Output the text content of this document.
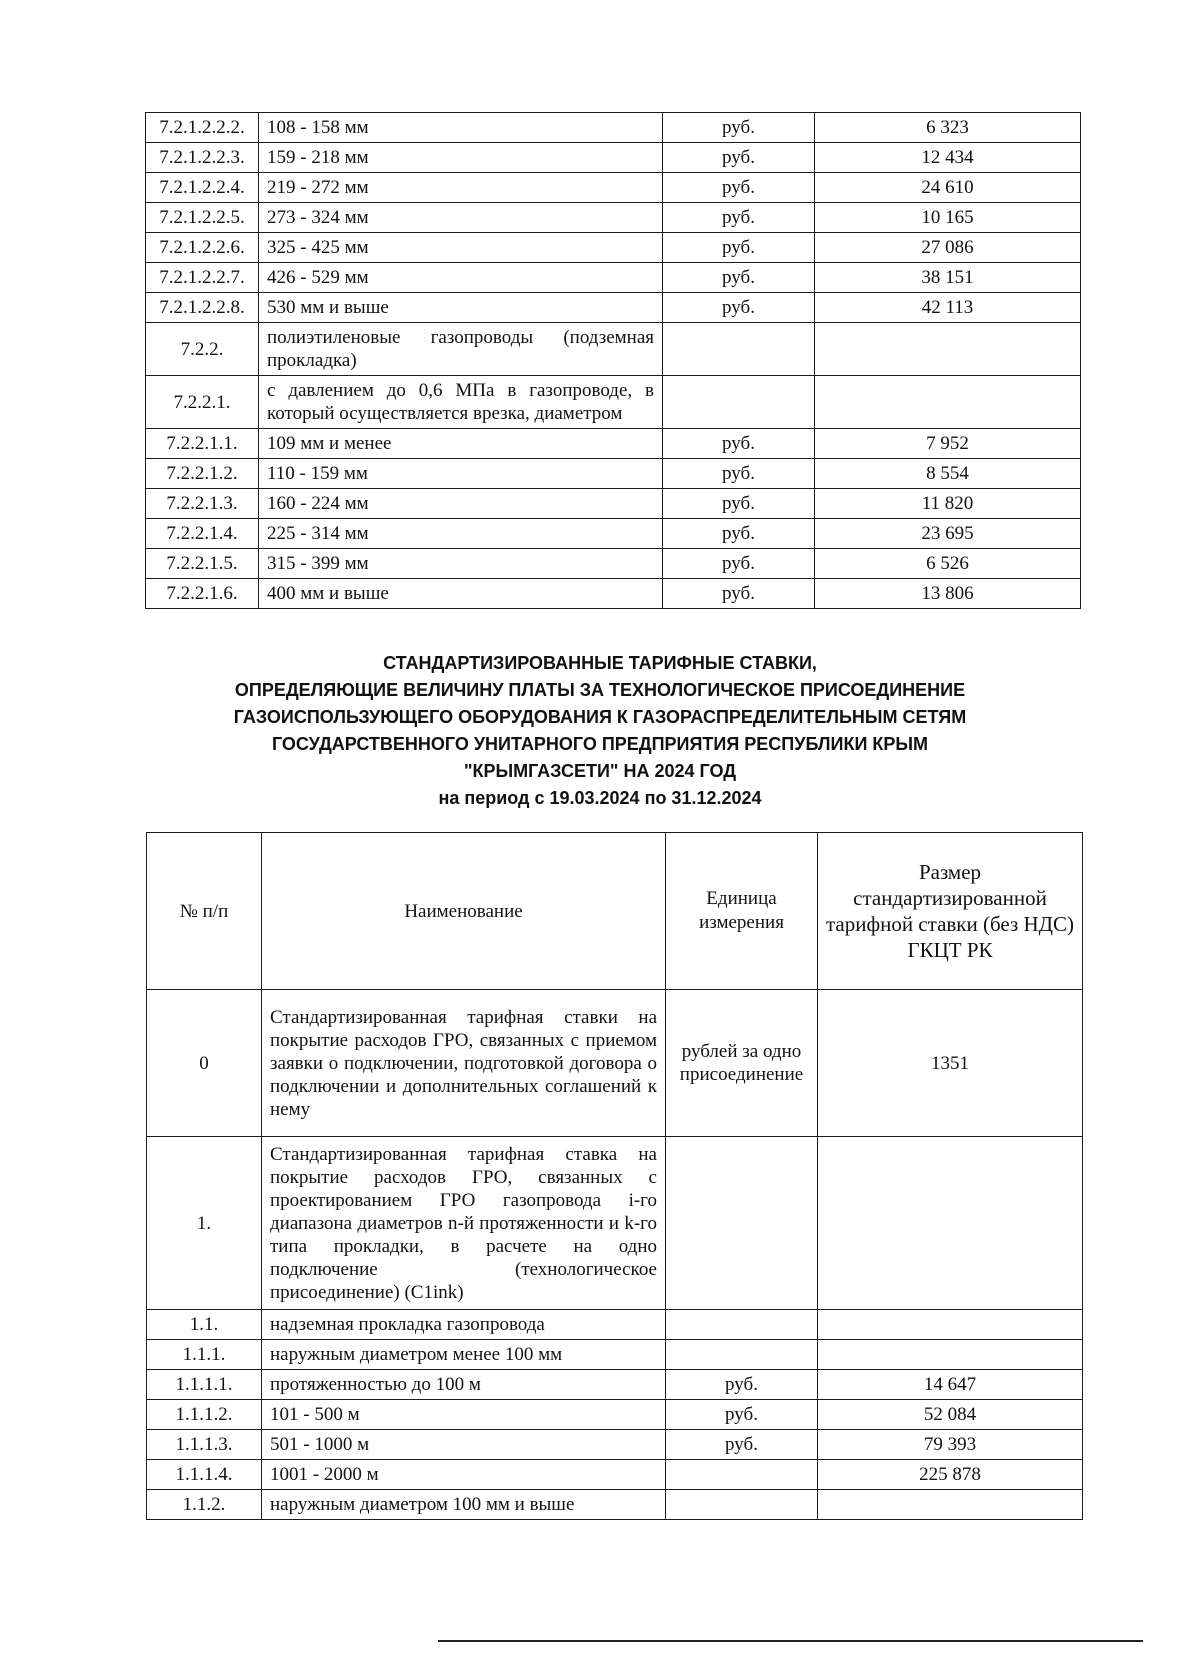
7.2.1.2.2.2.	108 - 158 мм	руб.	6 323
7.2.1.2.2.3.	159 - 218 мм	руб.	12 434
7.2.1.2.2.4.	219 - 272 мм	руб.	24 610
7.2.1.2.2.5.	273 - 324 мм	руб.	10 165
7.2.1.2.2.6.	325 - 425 мм	руб.	27 086
7.2.1.2.2.7.	426 - 529 мм	руб.	38 151
7.2.1.2.2.8.	530 мм и выше	руб.	42 113
7.2.2.	полиэтиленовые газопроводы (подземная прокладка)		
7.2.2.1.	с давлением до 0,6 МПа в газопроводе, в который осуществляется врезка, диаметром		
7.2.2.1.1.	109 мм и менее	руб.	7 952
7.2.2.1.2.	110 - 159 мм	руб.	8 554
7.2.2.1.3.	160 - 224 мм	руб.	11 820
7.2.2.1.4.	225 - 314 мм	руб.	23 695
7.2.2.1.5.	315 - 399 мм	руб.	6 526
7.2.2.1.6.	400 мм и выше	руб.	13 806
СТАНДАРТИЗИРОВАННЫЕ ТАРИФНЫЕ СТАВКИ,
ОПРЕДЕЛЯЮЩИЕ ВЕЛИЧИНУ ПЛАТЫ ЗА ТЕХНОЛОГИЧЕСКОЕ ПРИСОЕДИНЕНИЕ
ГАЗОИСПОЛЬЗУЮЩЕГО ОБОРУДОВАНИЯ К ГАЗОРАСПРЕДЕЛИТЕЛЬНЫМ СЕТЯМ
ГОСУДАРСТВЕННОГО УНИТАРНОГО ПРЕДПРИЯТИЯ РЕСПУБЛИКИ КРЫМ
"КРЫМГАЗСЕТИ" НА 2024 ГОД
на период с 19.03.2024 по 31.12.2024
№ п/п	Наименование	Единица измерения	Размер стандартизированной тарифной ставки (без НДС) ГКЦТ РК
0	Стандартизированная тарифная ставки на покрытие расходов ГРО, связанных с приемом заявки о подключении, подготовкой договора о подключении и дополнительных соглашений к нему	рублей за одно присоединение	1351
1.	Стандартизированная тарифная ставка на покрытие расходов ГРО, связанных с проектированием ГРО газопровода i-го диапазона диаметров n-й протяженности и k-го типа прокладки, в расчете на одно подключение (технологическое присоединение) (C1ink)		
1.1.	надземная прокладка газопровода		
1.1.1.	наружным диаметром менее 100 мм		
1.1.1.1.	протяженностью до 100 м	руб.	14 647
1.1.1.2.	101 - 500 м	руб.	52 084
1.1.1.3.	501 - 1000 м	руб.	79 393
1.1.1.4.	1001 - 2000 м		225 878
1.1.2.	наружным диаметром 100 мм и выше		
